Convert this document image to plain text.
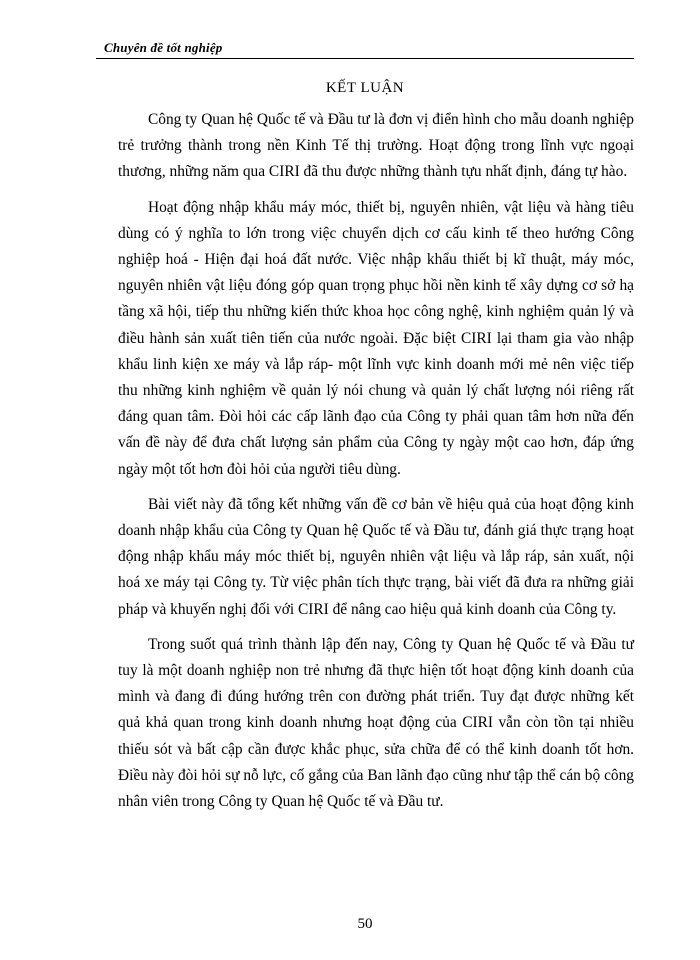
Chuyên đề tốt nghiệp
KẾT LUẬN

Công ty Quan hệ Quốc tế và Đầu tư là đơn vị điển hình cho mẫu doanh nghiệp trẻ trưởng thành trong nền Kinh Tế thị trường. Hoạt động trong lĩnh vực ngoại thương, những năm qua CIRI đã thu được những thành tựu nhất định, đáng tự hào.

Hoạt động nhập khẩu máy móc, thiết bị, nguyên nhiên, vật liệu và hàng tiêu dùng có ý nghĩa to lớn trong việc chuyển dịch cơ cấu kinh tế theo hướng Công nghiệp hoá - Hiện đại hoá đất nước. Việc nhập khẩu thiết bị kĩ thuật, máy móc, nguyên nhiên vật liệu đóng góp quan trọng phục hồi nền kinh tế xây dựng cơ sở hạ tầng xã hội, tiếp thu những kiến thức khoa học công nghệ, kinh nghiệm quản lý và điều hành sản xuất tiên tiến của nước ngoài. Đặc biệt CIRI lại tham gia vào nhập khẩu linh kiện xe máy và lắp ráp- một lĩnh vực kinh doanh mới mẻ nên việc tiếp thu những kinh nghiệm về quản lý nói chung và quản lý chất lượng nói riêng rất đáng quan tâm. Đòi hỏi các cấp lãnh đạo của Công ty phải quan tâm hơn nữa đến vấn đề này để đưa chất lượng sản phẩm của Công ty ngày một cao hơn, đáp ứng ngày một tốt hơn đòi hỏi của người tiêu dùng.

Bài viết này đã tổng kết những vấn đề cơ bản về hiệu quả của hoạt động kinh doanh nhập khẩu của Công ty Quan hệ Quốc tế và Đầu tư, đánh giá thực trạng hoạt động nhập khẩu máy móc thiết bị, nguyên nhiên vật liệu và lắp ráp, sản xuất, nội hoá xe máy tại Công ty. Từ việc phân tích thực trạng, bài viết đã đưa ra những giải pháp và khuyến nghị đối với CIRI để nâng cao hiệu quả kinh doanh của Công ty.

Trong suốt quá trình thành lập đến nay, Công ty Quan hệ Quốc tế và Đầu tư tuy là một doanh nghiệp non trẻ nhưng đã thực hiện tốt hoạt động kinh doanh của mình và đang đi đúng hướng trên con đường phát triển. Tuy đạt được những kết quả khả quan trong kinh doanh nhưng hoạt động của CIRI vẫn còn tồn tại nhiều thiếu sót và bất cập cần được khắc phục, sửa chữa để có thể kinh doanh tốt hơn. Điều này đòi hỏi sự nỗ lực, cố gắng của Ban lãnh đạo cũng như tập thể cán bộ công nhân viên trong Công ty Quan hệ Quốc tế và Đầu tư.

50
